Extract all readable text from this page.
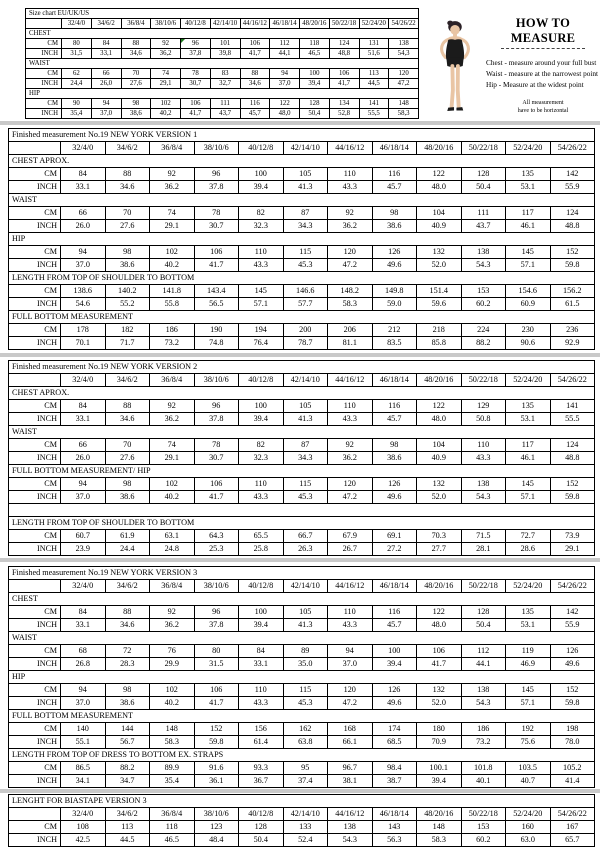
Size chart EU/UK/US												
	32/4/0	34/6/2	36/8/4	38/10/6	40/12/8	42/14/10	44/16/12	46/18/14	48/20/16	50/22/18	52/24/20	54/26/22
CHEST												
CM	80	84	88	92	96	101	106	112	118	124	131	138
INCH	31,5	33,1	34,6	36,2	37,8	39,8	41,7	44,1	46,5	48,8	51,6	54,3
WAIST												
CM	62	66	70	74	78	83	88	94	100	106	113	120
INCH	24,4	26,0	27,6	29,1	30,7	32,7	34,6	37,0	39,4	41,7	44,5	47,2
HIP												
CM	90	94	98	102	106	111	116	122	128	134	141	148
INCH	35,4	37,0	38,6	40,2	41,7	43,7	45,7	48,0	50,4	52,8	55,5	58,3
HOW TO MEASURE
Chest - measure around your full bust
Waist - measure at the narrowest point
Hip - Measure at the widest point
All measurement
have to be horizontal
Finished measurement No.19 NEW YORK VERSION 1												
	32/4/0	34/6/2	36/8/4	38/10/6	40/12/8	42/14/10	44/16/12	46/18/14	48/20/16	50/22/18	52/24/20	54/26/22
CHEST APROX.												
CM	84	88	92	96	100	105	110	116	122	128	135	142
INCH	33.1	34.6	36.2	37.8	39.4	41.3	43.3	45.7	48.0	50.4	53.1	55.9
WAIST												
CM	66	70	74	78	82	87	92	98	104	111	117	124
INCH	26.0	27.6	29.1	30.7	32.3	34.3	36.2	38.6	40.9	43.7	46.1	48.8
HIP												
CM	94	98	102	106	110	115	120	126	132	138	145	152
INCH	37.0	38.6	40.2	41.7	43.3	45.3	47.2	49.6	52.0	54.3	57.1	59.8
LENGTH FROM TOP OF SHOULDER TO BOTTOM												
CM	138.6	140.2	141.8	143.4	145	146.6	148.2	149.8	151.4	153	154.6	156.2
INCH	54.6	55.2	55.8	56.5	57.1	57.7	58.3	59.0	59.6	60.2	60.9	61.5
FULL BOTTOM MEASUREMENT												
CM	178	182	186	190	194	200	206	212	218	224	230	236
INCH	70.1	71.7	73.2	74.8	76.4	78.7	81.1	83.5	85.8	88.2	90.6	92.9
Finished measurement No.19 NEW YORK VERSION 2												
	32/4/0	34/6/2	36/8/4	38/10/6	40/12/8	42/14/10	44/16/12	46/18/14	48/20/16	50/22/18	52/24/20	54/26/22
CHEST APROX.												
CM	84	88	92	96	100	105	110	116	122	129	135	141
INCH	33.1	34.6	36.2	37.8	39.4	41.3	43.3	45.7	48.0	50.8	53.1	55.5
WAIST												
CM	66	70	74	78	82	87	92	98	104	110	117	124
INCH	26.0	27.6	29.1	30.7	32.3	34.3	36.2	38.6	40.9	43.3	46.1	48.8
FULL BOTTOM MEASUREMENT/ HIP												
CM	94	98	102	106	110	115	120	126	132	138	145	152
INCH	37.0	38.6	40.2	41.7	43.3	45.3	47.2	49.6	52.0	54.3	57.1	59.8

LENGTH FROM TOP OF SHOULDER TO BOTTOM												
CM	60.7	61.9	63.1	64.3	65.5	66.7	67.9	69.1	70.3	71.5	72.7	73.9
INCH	23.9	24.4	24.8	25.3	25.8	26.3	26.7	27.2	27.7	28.1	28.6	29.1
Finished measurement No.19 NEW YORK VERSION 3												
	32/4/0	34/6/2	36/8/4	38/10/6	40/12/8	42/14/10	44/16/12	46/18/14	48/20/16	50/22/18	52/24/20	54/26/22
CHEST												
CM	84	88	92	96	100	105	110	116	122	128	135	142
INCH	33.1	34.6	36.2	37.8	39.4	41.3	43.3	45.7	48.0	50.4	53.1	55.9
WAIST												
CM	68	72	76	80	84	89	94	100	106	112	119	126
INCH	26.8	28.3	29.9	31.5	33.1	35.0	37.0	39.4	41.7	44.1	46.9	49.6
HIP												
CM	94	98	102	106	110	115	120	126	132	138	145	152
INCH	37.0	38.6	40.2	41.7	43.3	45.3	47.2	49.6	52.0	54.3	57.1	59.8
FULL BOTTOM MEASUREMENT												
CM	140	144	148	152	156	162	168	174	180	186	192	198
INCH	55.1	56.7	58.3	59.8	61.4	63.8	66.1	68.5	70.9	73.2	75.6	78.0
LENGTH FROM TOP OF DRESS TO BOTTOM EX. STRAPS												
CM	86.5	88.2	89.9	91.6	93.3	95	96.7	98.4	100.1	101.8	103.5	105.2
INCH	34.1	34.7	35.4	36.1	36.7	37.4	38.1	38.7	39.4	40.1	40.7	41.4
LENGHT FOR BIASTAPE VERSION 3												
	32/4/0	34/6/2	36/8/4	38/10/6	40/12/8	42/14/10	44/16/12	46/18/14	48/20/16	50/22/18	52/24/20	54/26/22
CM	108	113	118	123	128	133	138	143	148	153	160	167
INCH	42.5	44.5	46.5	48.4	50.4	52.4	54.3	56.3	58.3	60.2	63.0	65.7
